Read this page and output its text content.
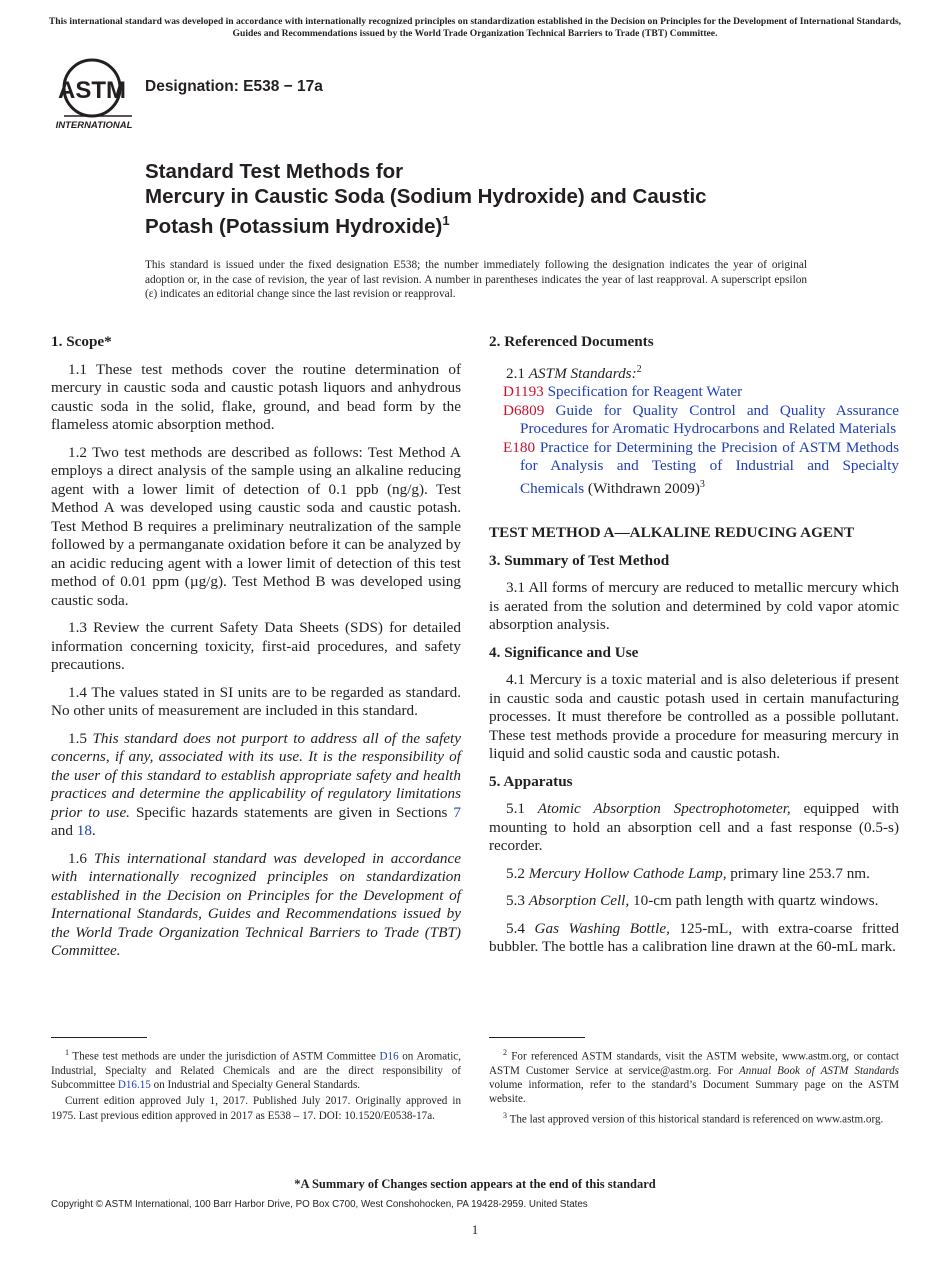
This international standard was developed in accordance with internationally recognized principles on standardization established in the Decision on Principles for the Development of International Standards, Guides and Recommendations issued by the World Trade Organization Technical Barriers to Trade (TBT) Committee.
ASTM
INTERNATIONAL
Designation: E538 − 17a
Standard Test Methods for
Mercury in Caustic Soda (Sodium Hydroxide) and Caustic
Potash (Potassium Hydroxide)$^1$

This standard is issued under the fixed designation E538; the number immediately following the designation indicates the year of original adoption or, in the case of revision, the year of last revision. A number in parentheses indicates the year of last reapproval. A superscript epsilon (ε) indicates an editorial change since the last revision or reapproval.

1. Scope*

1.1 These test methods cover the routine determination of mercury in caustic soda and caustic potash liquors and anhydrous caustic soda in the solid, flake, ground, and bead form by the flameless atomic absorption method.

1.2 Two test methods are described as follows: Test Method A employs a direct analysis of the sample using an alkaline reducing agent with a lower limit of detection of 0.1 ppb (ng/g). Test Method A was developed using caustic soda and caustic potash. Test Method B requires a preliminary neutralization of the sample followed by a permanganate oxidation before it can be analyzed by an acidic reducing agent with a lower limit of detection of this test method of 0.01 ppm (µg/g). Test Method B was developed using caustic soda.

1.3 Review the current Safety Data Sheets (SDS) for detailed information concerning toxicity, first-aid procedures, and safety precautions.

1.4 The values stated in SI units are to be regarded as standard. No other units of measurement are included in this standard.

1.5 This standard does not purport to address all of the safety concerns, if any, associated with its use. It is the responsibility of the user of this standard to establish appropriate safety and health practices and determine the applicability of regulatory limitations prior to use. Specific hazards statements are given in Sections 7 and 18.

1.6 This international standard was developed in accordance with internationally recognized principles on standardization established in the Decision on Principles for the Development of International Standards, Guides and Recommendations issued by the World Trade Organization Technical Barriers to Trade (TBT) Committee.

2. Referenced Documents

2.1 ASTM Standards:$^2$

D1193 Specification for Reagent Water

D6809 Guide for Quality Control and Quality Assurance Procedures for Aromatic Hydrocarbons and Related Materials

E180 Practice for Determining the Precision of ASTM Methods for Analysis and Testing of Industrial and Specialty Chemicals (Withdrawn 2009)$^3$

TEST METHOD A—ALKALINE REDUCING AGENT

3. Summary of Test Method

3.1 All forms of mercury are reduced to metallic mercury which is aerated from the solution and determined by cold vapor atomic absorption analysis.

4. Significance and Use

4.1 Mercury is a toxic material and is also deleterious if present in caustic soda and caustic potash used in certain manufacturing processes. It must therefore be controlled as a possible pollutant. These test methods provide a procedure for measuring mercury in liquid and solid caustic soda and caustic potash.

5. Apparatus

5.1 Atomic Absorption Spectrophotometer, equipped with mounting to hold an absorption cell and a fast response (0.5-s) recorder.

5.2 Mercury Hollow Cathode Lamp, primary line 253.7 nm.

5.3 Absorption Cell, 10-cm path length with quartz windows.

5.4 Gas Washing Bottle, 125-mL, with extra-coarse fritted bubbler. The bottle has a calibration line drawn at the 60-mL mark.

$^1$ These test methods are under the jurisdiction of ASTM Committee D16 on Aromatic, Industrial, Specialty and Related Chemicals and are the direct responsibility of Subcommittee D16.15 on Industrial and Specialty General Standards.

Current edition approved July 1, 2017. Published July 2017. Originally approved in 1975. Last previous edition approved in 2017 as E538 – 17. DOI: 10.1520/E0538-17a.

$^2$ For referenced ASTM standards, visit the ASTM website, www.astm.org, or contact ASTM Customer Service at service@astm.org. For Annual Book of ASTM Standards volume information, refer to the standard’s Document Summary page on the ASTM website.

$^3$ The last approved version of this historical standard is referenced on www.astm.org.

*A Summary of Changes section appears at the end of this standard
Copyright © ASTM International, 100 Barr Harbor Drive, PO Box C700, West Conshohocken, PA 19428-2959. United States
1
